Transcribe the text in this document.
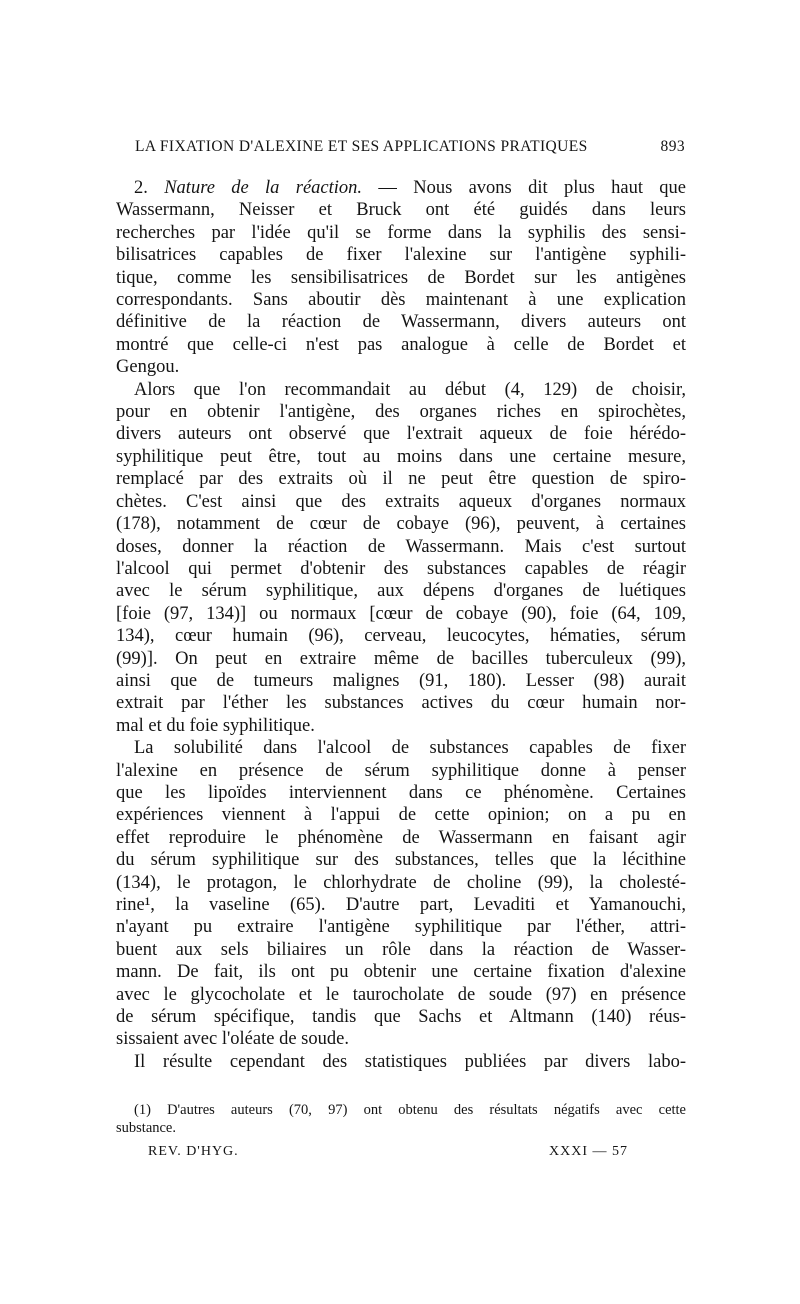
LA FIXATION D'ALEXINE ET SES APPLICATIONS PRATIQUES	893
2. Nature de la réaction. — Nous avons dit plus haut que
Wassermann, Neisser et Bruck ont été guidés dans leurs
recherches par l'idée qu'il se forme dans la syphilis des sensi-
bilisatrices capables de fixer l'alexine sur l'antigène syphili-
tique, comme les sensibilisatrices de Bordet sur les antigènes
correspondants. Sans aboutir dès maintenant à une explication
définitive de la réaction de Wassermann, divers auteurs ont
montré que celle-ci n'est pas analogue à celle de Bordet et
Gengou.
Alors que l'on recommandait au début (4, 129) de choisir,
pour en obtenir l'antigène, des organes riches en spirochètes,
divers auteurs ont observé que l'extrait aqueux de foie hérédo-
syphilitique peut être, tout au moins dans une certaine mesure,
remplacé par des extraits où il ne peut être question de spiro-
chètes. C'est ainsi que des extraits aqueux d'organes normaux
(178), notamment de cœur de cobaye (96), peuvent, à certaines
doses, donner la réaction de Wassermann. Mais c'est surtout
l'alcool qui permet d'obtenir des substances capables de réagir
avec le sérum syphilitique, aux dépens d'organes de luétiques
[foie (97, 134)] ou normaux [cœur de cobaye (90), foie (64, 109,
134), cœur humain (96), cerveau, leucocytes, hématies, sérum
(99)]. On peut en extraire même de bacilles tuberculeux (99),
ainsi que de tumeurs malignes (91, 180). Lesser (98) aurait
extrait par l'éther les substances actives du cœur humain nor-
mal et du foie syphilitique.
La solubilité dans l'alcool de substances capables de fixer
l'alexine en présence de sérum syphilitique donne à penser
que les lipoïdes interviennent dans ce phénomène. Certaines
expériences viennent à l'appui de cette opinion; on a pu en
effet reproduire le phénomène de Wassermann en faisant agir
du sérum syphilitique sur des substances, telles que la lécithine
(134), le protagon, le chlorhydrate de choline (99), la cholesté-
rine¹, la vaseline (65). D'autre part, Levaditi et Yamanouchi,
n'ayant pu extraire l'antigène syphilitique par l'éther, attri-
buent aux sels biliaires un rôle dans la réaction de Wasser-
mann. De fait, ils ont pu obtenir une certaine fixation d'alexine
avec le glycocholate et le taurocholate de soude (97) en présence
de sérum spécifique, tandis que Sachs et Altmann (140) réus-
sissaient avec l'oléate de soude.
Il résulte cependant des statistiques publiées par divers labo-
(1) D'autres auteurs (70, 97) ont obtenu des résultats négatifs avec cette
substance.
REV. D'HYG.	XXXI — 57
